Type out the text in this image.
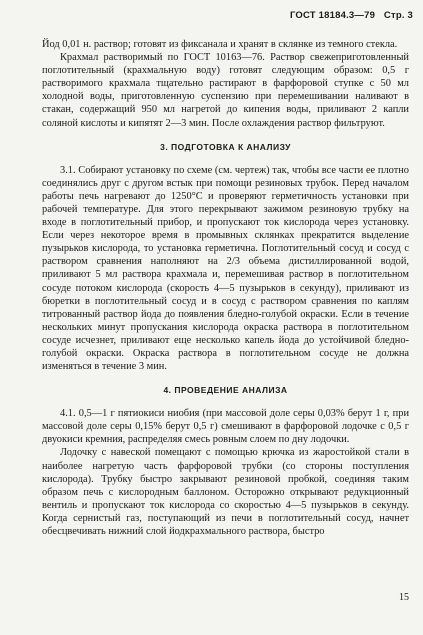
ГОСТ 18184.3—79 Стр. 3

Йод 0,01 н. раствор; готовят из фиксанала и хранят в склянке из темного стекла.

Крахмал растворимый по ГОСТ 10163—76. Раствор свежеприготовленный поглотительный (крахмальную воду) готовят следующим образом: 0,5 г растворимого крахмала тщательно растирают в фарфоровой ступке с 50 мл холодной воды, приготовленную суспензию при перемешивании наливают в стакан, содержащий 950 мл нагретой до кипения воды, приливают 2 капли соляной кислоты и кипятят 2—3 мин. После охлаждения раствор фильтруют.

3. ПОДГОТОВКА К АНАЛИЗУ

3.1. Собирают установку по схеме (см. чертеж) так, чтобы все части ее плотно соединялись друг с другом встык при помощи резиновых трубок. Перед началом работы печь нагревают до 1250°С и проверяют герметичность установки при рабочей температуре. Для этого перекрывают зажимом резиновую трубку на входе в поглотительный прибор, и пропускают ток кислорода через установку. Если через некоторое время в промывных склянках прекратится выделение пузырьков кислорода, то установка герметична. Поглотительный сосуд и сосуд с раствором сравнения наполняют на 2/3 объема дистиллированной водой, приливают 5 мл раствора крахмала и, перемешивая раствор в поглотительном сосуде потоком кислорода (скорость 4—5 пузырьков в секунду), приливают из бюретки в поглотительный сосуд и в сосуд с раствором сравнения по каплям титрованный раствор йода до появления бледно-голубой окраски. Если в течение нескольких минут пропускания кислорода окраска раствора в поглотительном сосуде исчезнет, приливают еще несколько капель йода до устойчивой бледно-голубой окраски. Окраска раствора в поглотительном сосуде не должна изменяться в течение 3 мин.

4. ПРОВЕДЕНИЕ АНАЛИЗА

4.1. 0,5—1 г пятиокиси ниобия (при массовой доле серы 0,03% берут 1 г, при массовой доле серы 0,15% берут 0,5 г) смешивают в фарфоровой лодочке с 0,5 г двуокиси кремния, распределяя смесь ровным слоем по дну лодочки.

Лодочку с навеской помещают с помощью крючка из жаростойкой стали в наиболее нагретую часть фарфоровой трубки (со стороны поступления кислорода). Трубку быстро закрывают резиновой пробкой, соединяя таким образом печь с кислородным баллоном. Осторожно открывают редукционный вентиль и пропускают ток кислорода со скоростью 4—5 пузырьков в секунду. Когда сернистый газ, поступающий из печи в поглотительный сосуд, начнет обесцвечивать нижний слой йодкрахмального раствора, быстро

15
